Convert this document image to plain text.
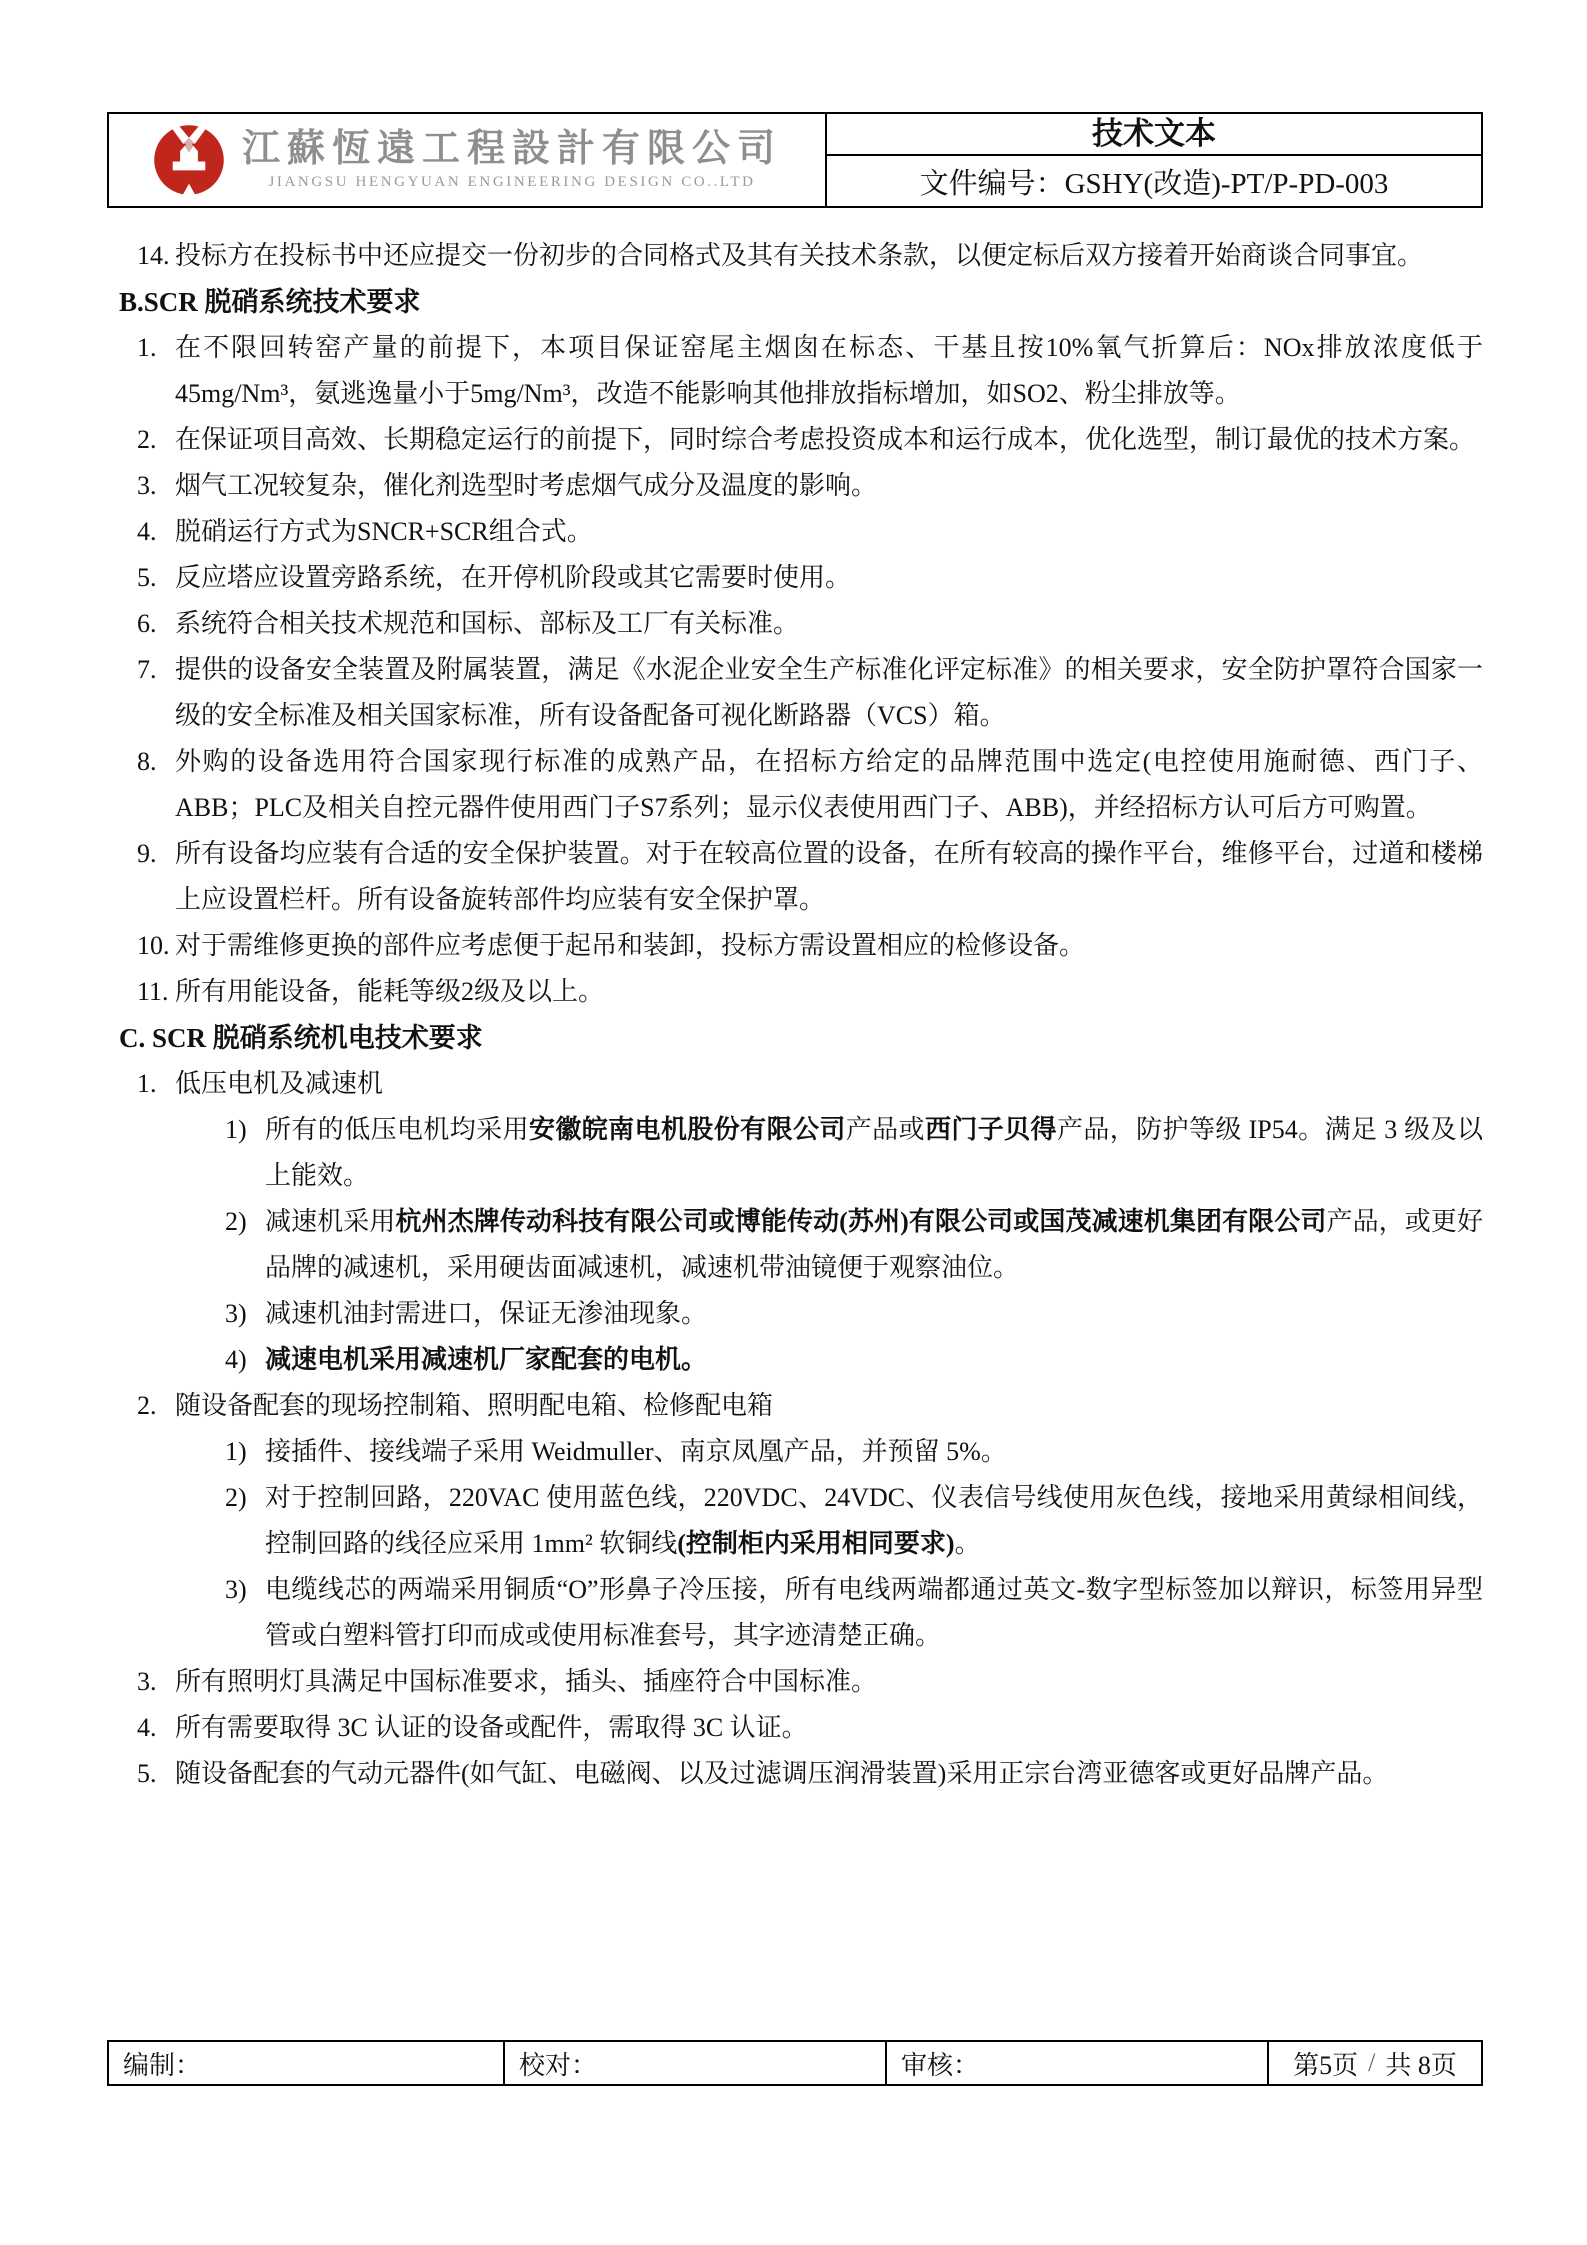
江蘇恆遠工程設計有限公司
JIANGSU HENGYUAN ENGINEERING DESIGN CO..LTD
技术文本
文件编号： GSHY(改造)-PT/P-PD-003
14. 投标方在投标书中还应提交一份初步的合同格式及其有关技术条款，以便定标后双方接着开始商谈合同事宜。
B.SCR 脱硝系统技术要求
1. 在不限回转窑产量的前提下，本项目保证窑尾主烟囱在标态、干基且按10%氧气折算后：NOx排放浓度低于45mg/Nm³，氨逃逸量小于5mg/Nm³，改造不能影响其他排放指标增加，如SO2、粉尘排放等。
2. 在保证项目高效、长期稳定运行的前提下，同时综合考虑投资成本和运行成本，优化选型，制订最优的技术方案。
3. 烟气工况较复杂，催化剂选型时考虑烟气成分及温度的影响。
4. 脱硝运行方式为SNCR+SCR组合式。
5. 反应塔应设置旁路系统，在开停机阶段或其它需要时使用。
6. 系统符合相关技术规范和国标、部标及工厂有关标准。
7. 提供的设备安全装置及附属装置，满足《水泥企业安全生产标准化评定标准》的相关要求，安全防护罩符合国家一级的安全标准及相关国家标准，所有设备配备可视化断路器（VCS）箱。
8. 外购的设备选用符合国家现行标准的成熟产品，在招标方给定的品牌范围中选定(电控使用施耐德、西门子、ABB；PLC及相关自控元器件使用西门子S7系列；显示仪表使用西门子、ABB)，并经招标方认可后方可购置。
9. 所有设备均应装有合适的安全保护装置。对于在较高位置的设备，在所有较高的操作平台，维修平台，过道和楼梯上应设置栏杆。所有设备旋转部件均应装有安全保护罩。
10. 对于需维修更换的部件应考虑便于起吊和装卸，投标方需设置相应的检修设备。
11. 所有用能设备，能耗等级2级及以上。
C. SCR 脱硝系统机电技术要求
1. 低压电机及减速机
1) 所有的低压电机均采用安徽皖南电机股份有限公司产品或西门子贝得产品，防护等级 IP54。满足 3 级及以上能效。
2) 减速机采用杭州杰牌传动科技有限公司或博能传动(苏州)有限公司或国茂减速机集团有限公司产品，或更好品牌的减速机，采用硬齿面减速机，减速机带油镜便于观察油位。
3) 减速机油封需进口，保证无渗油现象。
4) 减速电机采用减速机厂家配套的电机。
2. 随设备配套的现场控制箱、照明配电箱、检修配电箱
1) 接插件、接线端子采用 Weidmuller、南京凤凰产品，并预留 5%。
2) 对于控制回路，220VAC 使用蓝色线，220VDC、24VDC、仪表信号线使用灰色线，接地采用黄绿相间线，控制回路的线径应采用 1mm² 软铜线(控制柜内采用相同要求)。
3) 电缆线芯的两端采用铜质“O”形鼻子冷压接，所有电线两端都通过英文-数字型标签加以辩识，标签用异型管或白塑料管打印而成或使用标准套号，其字迹清楚正确。
3. 所有照明灯具满足中国标准要求，插头、插座符合中国标准。
4. 所有需要取得 3C 认证的设备或配件，需取得 3C 认证。
5. 随设备配套的气动元器件(如气缸、电磁阀、以及过滤调压润滑装置)采用正宗台湾亚德客或更好品牌产品。
编制：	校对：	审核：	第5页 / 共 8页
